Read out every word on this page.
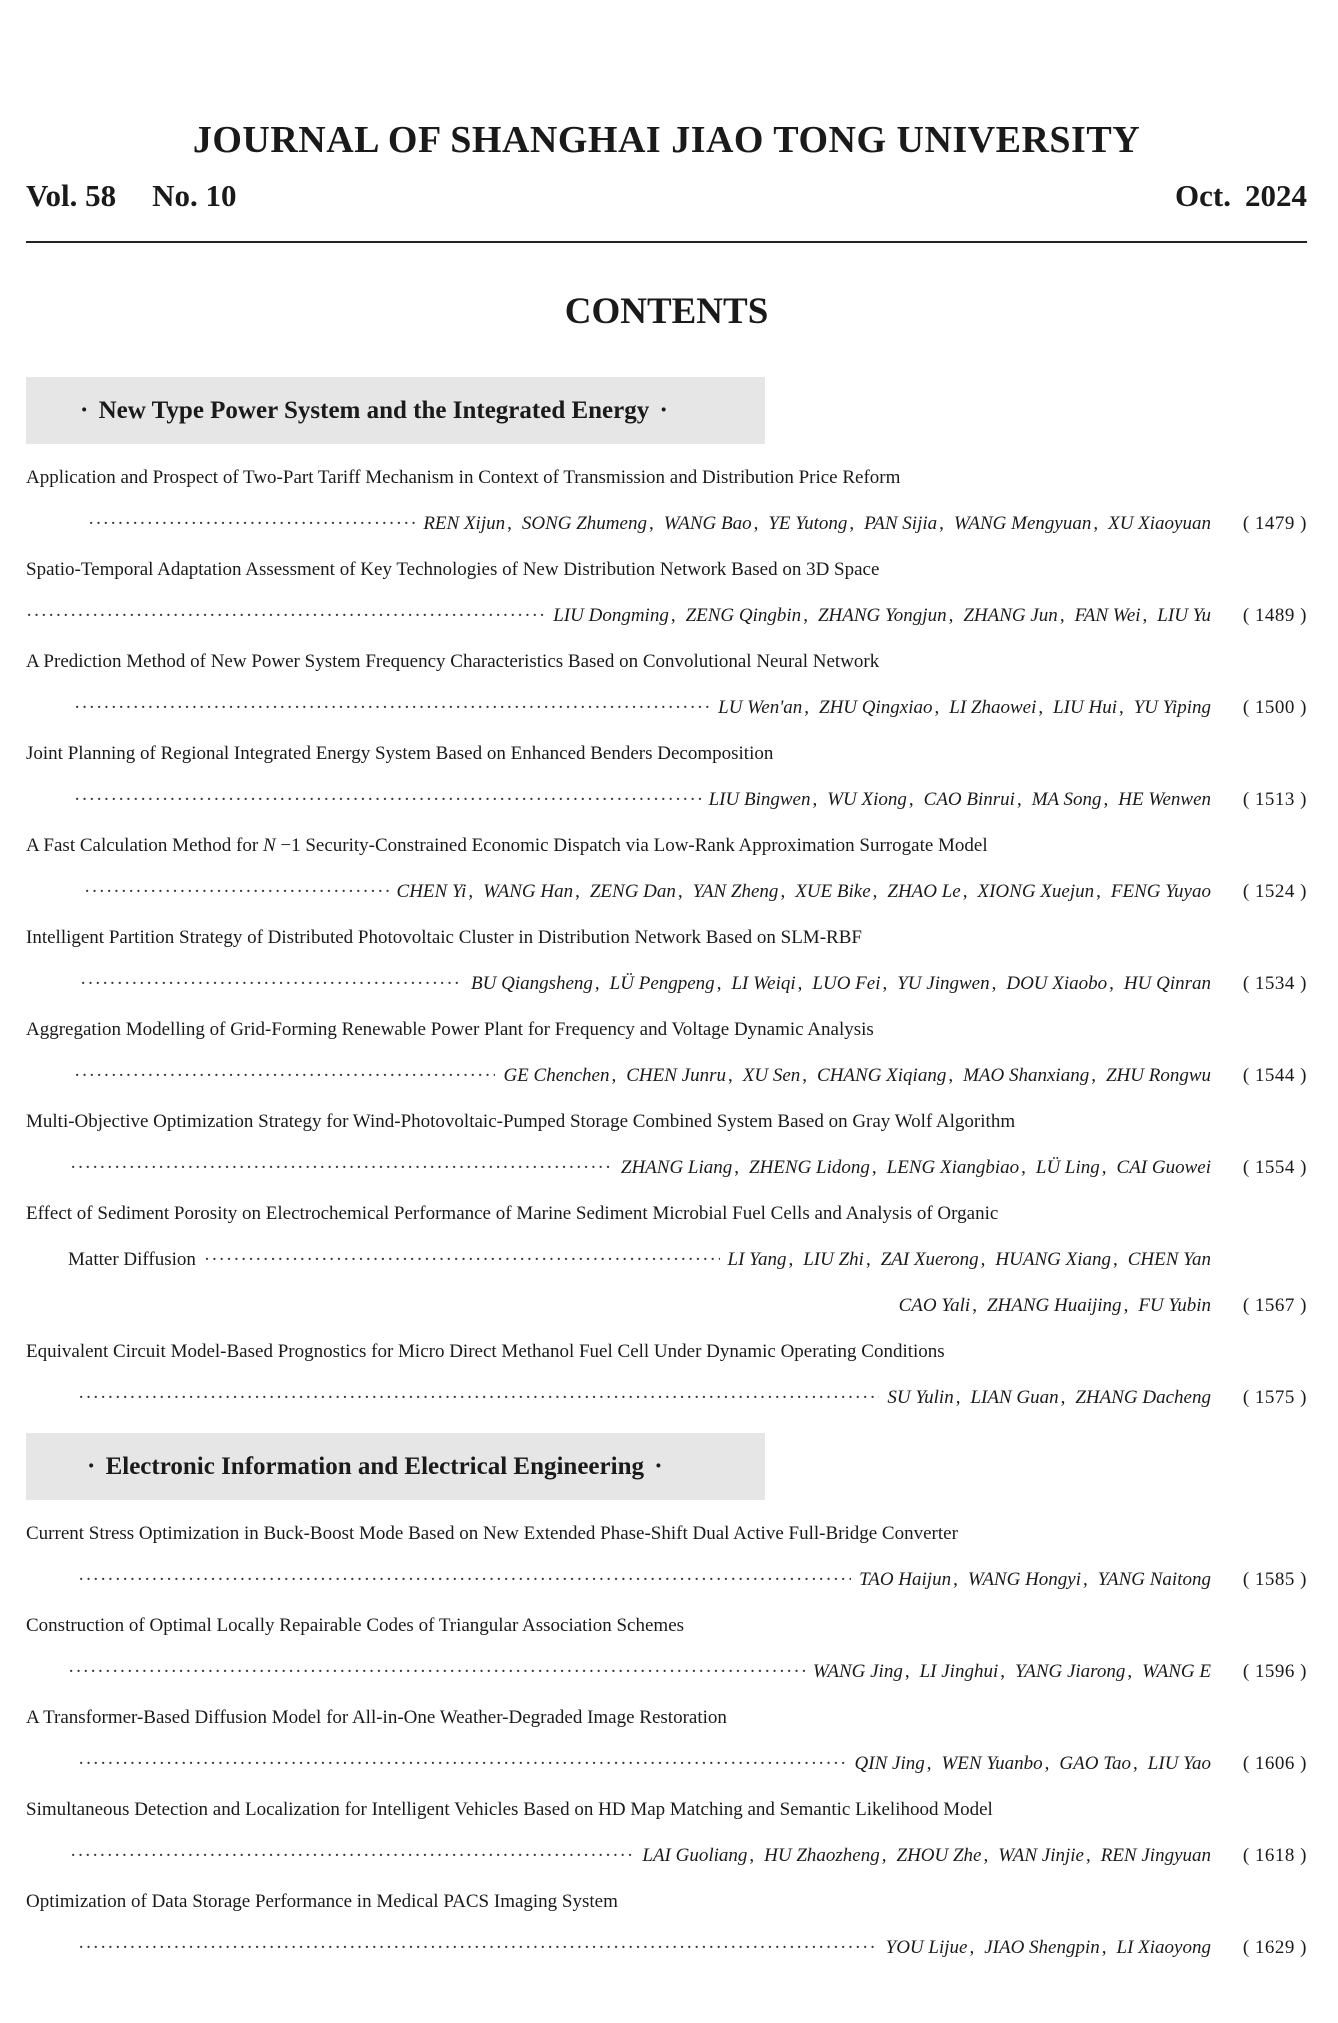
JOURNAL OF SHANGHAI JIAO TONG UNIVERSITY
Vol. 58 No. 10	Oct. 2024
CONTENTS
· New Type Power System and the Integrated Energy ·
· Electronic Information and Electrical Engineering ·
Application and Prospect of Two-Part Tariff Mechanism in Context of Transmission and Distribution Price Reform
·····
REN Xijun , SONG Zhumeng , WANG Bao , YE Yutong , PAN Sijia , WANG Mengyuan , XU Xiaoyuan	( 1479 )
Spatio-Temporal Adaptation Assessment of Key Technologies of New Distribution Network Based on 3D Space
·····
LIU Dongming , ZENG Qingbin , ZHANG Yongjun , ZHANG Jun , FAN Wei , LIU Yu	( 1489 )
A Prediction Method of New Power System Frequency Characteristics Based on Convolutional Neural Network
·····
LU Wen'an , ZHU Qingxiao , LI Zhaowei , LIU Hui , YU Yiping	( 1500 )
Joint Planning of Regional Integrated Energy System Based on Enhanced Benders Decomposition
·····
LIU Bingwen , WU Xiong , CAO Binrui , MA Song , HE Wenwen	( 1513 )
A Fast Calculation Method for N −1 Security-Constrained Economic Dispatch via Low-Rank Approximation Surrogate Model
·····
CHEN Yi , WANG Han , ZENG Dan , YAN Zheng , XUE Bike , ZHAO Le , XIONG Xuejun , FENG Yuyao	( 1524 )
Intelligent Partition Strategy of Distributed Photovoltaic Cluster in Distribution Network Based on SLM-RBF
·····
BU Qiangsheng , LÜ Pengpeng , LI Weiqi , LUO Fei , YU Jingwen , DOU Xiaobo , HU Qinran	( 1534 )
Aggregation Modelling of Grid-Forming Renewable Power Plant for Frequency and Voltage Dynamic Analysis
·····
GE Chenchen , CHEN Junru , XU Sen , CHANG Xiqiang , MAO Shanxiang , ZHU Rongwu	( 1544 )
Multi-Objective Optimization Strategy for Wind-Photovoltaic-Pumped Storage Combined System Based on Gray Wolf Algorithm
·····
ZHANG Liang , ZHENG Lidong , LENG Xiangbiao , LÜ Ling , CAI Guowei	( 1554 )
Effect of Sediment Porosity on Electrochemical Performance of Marine Sediment Microbial Fuel Cells and Analysis of Organic
Matter Diffusion
·····	LI Yang , LIU Zhi , ZAI Xuerong , HUANG Xiang , CHEN Yan
CAO Yali , ZHANG Huaijing , FU Yubin	( 1567 )
Equivalent Circuit Model-Based Prognostics for Micro Direct Methanol Fuel Cell Under Dynamic Operating Conditions
·····
SU Yulin , LIAN Guan , ZHANG Dacheng	( 1575 )
Current Stress Optimization in Buck-Boost Mode Based on New Extended Phase-Shift Dual Active Full-Bridge Converter
·····
TAO Haijun , WANG Hongyi , YANG Naitong	( 1585 )
Construction of Optimal Locally Repairable Codes of Triangular Association Schemes
·····
WANG Jing , LI Jinghui , YANG Jiarong , WANG E	( 1596 )
A Transformer-Based Diffusion Model for All-in-One Weather-Degraded Image Restoration
·····
QIN Jing , WEN Yuanbo , GAO Tao , LIU Yao	( 1606 )
Simultaneous Detection and Localization for Intelligent Vehicles Based on HD Map Matching and Semantic Likelihood Model
·····
LAI Guoliang , HU Zhaozheng , ZHOU Zhe , WAN Jinjie , REN Jingyuan	( 1618 )
Optimization of Data Storage Performance in Medical PACS Imaging System
·····
YOU Lijue , JIAO Shengpin , LI Xiaoyong	( 1629 )
